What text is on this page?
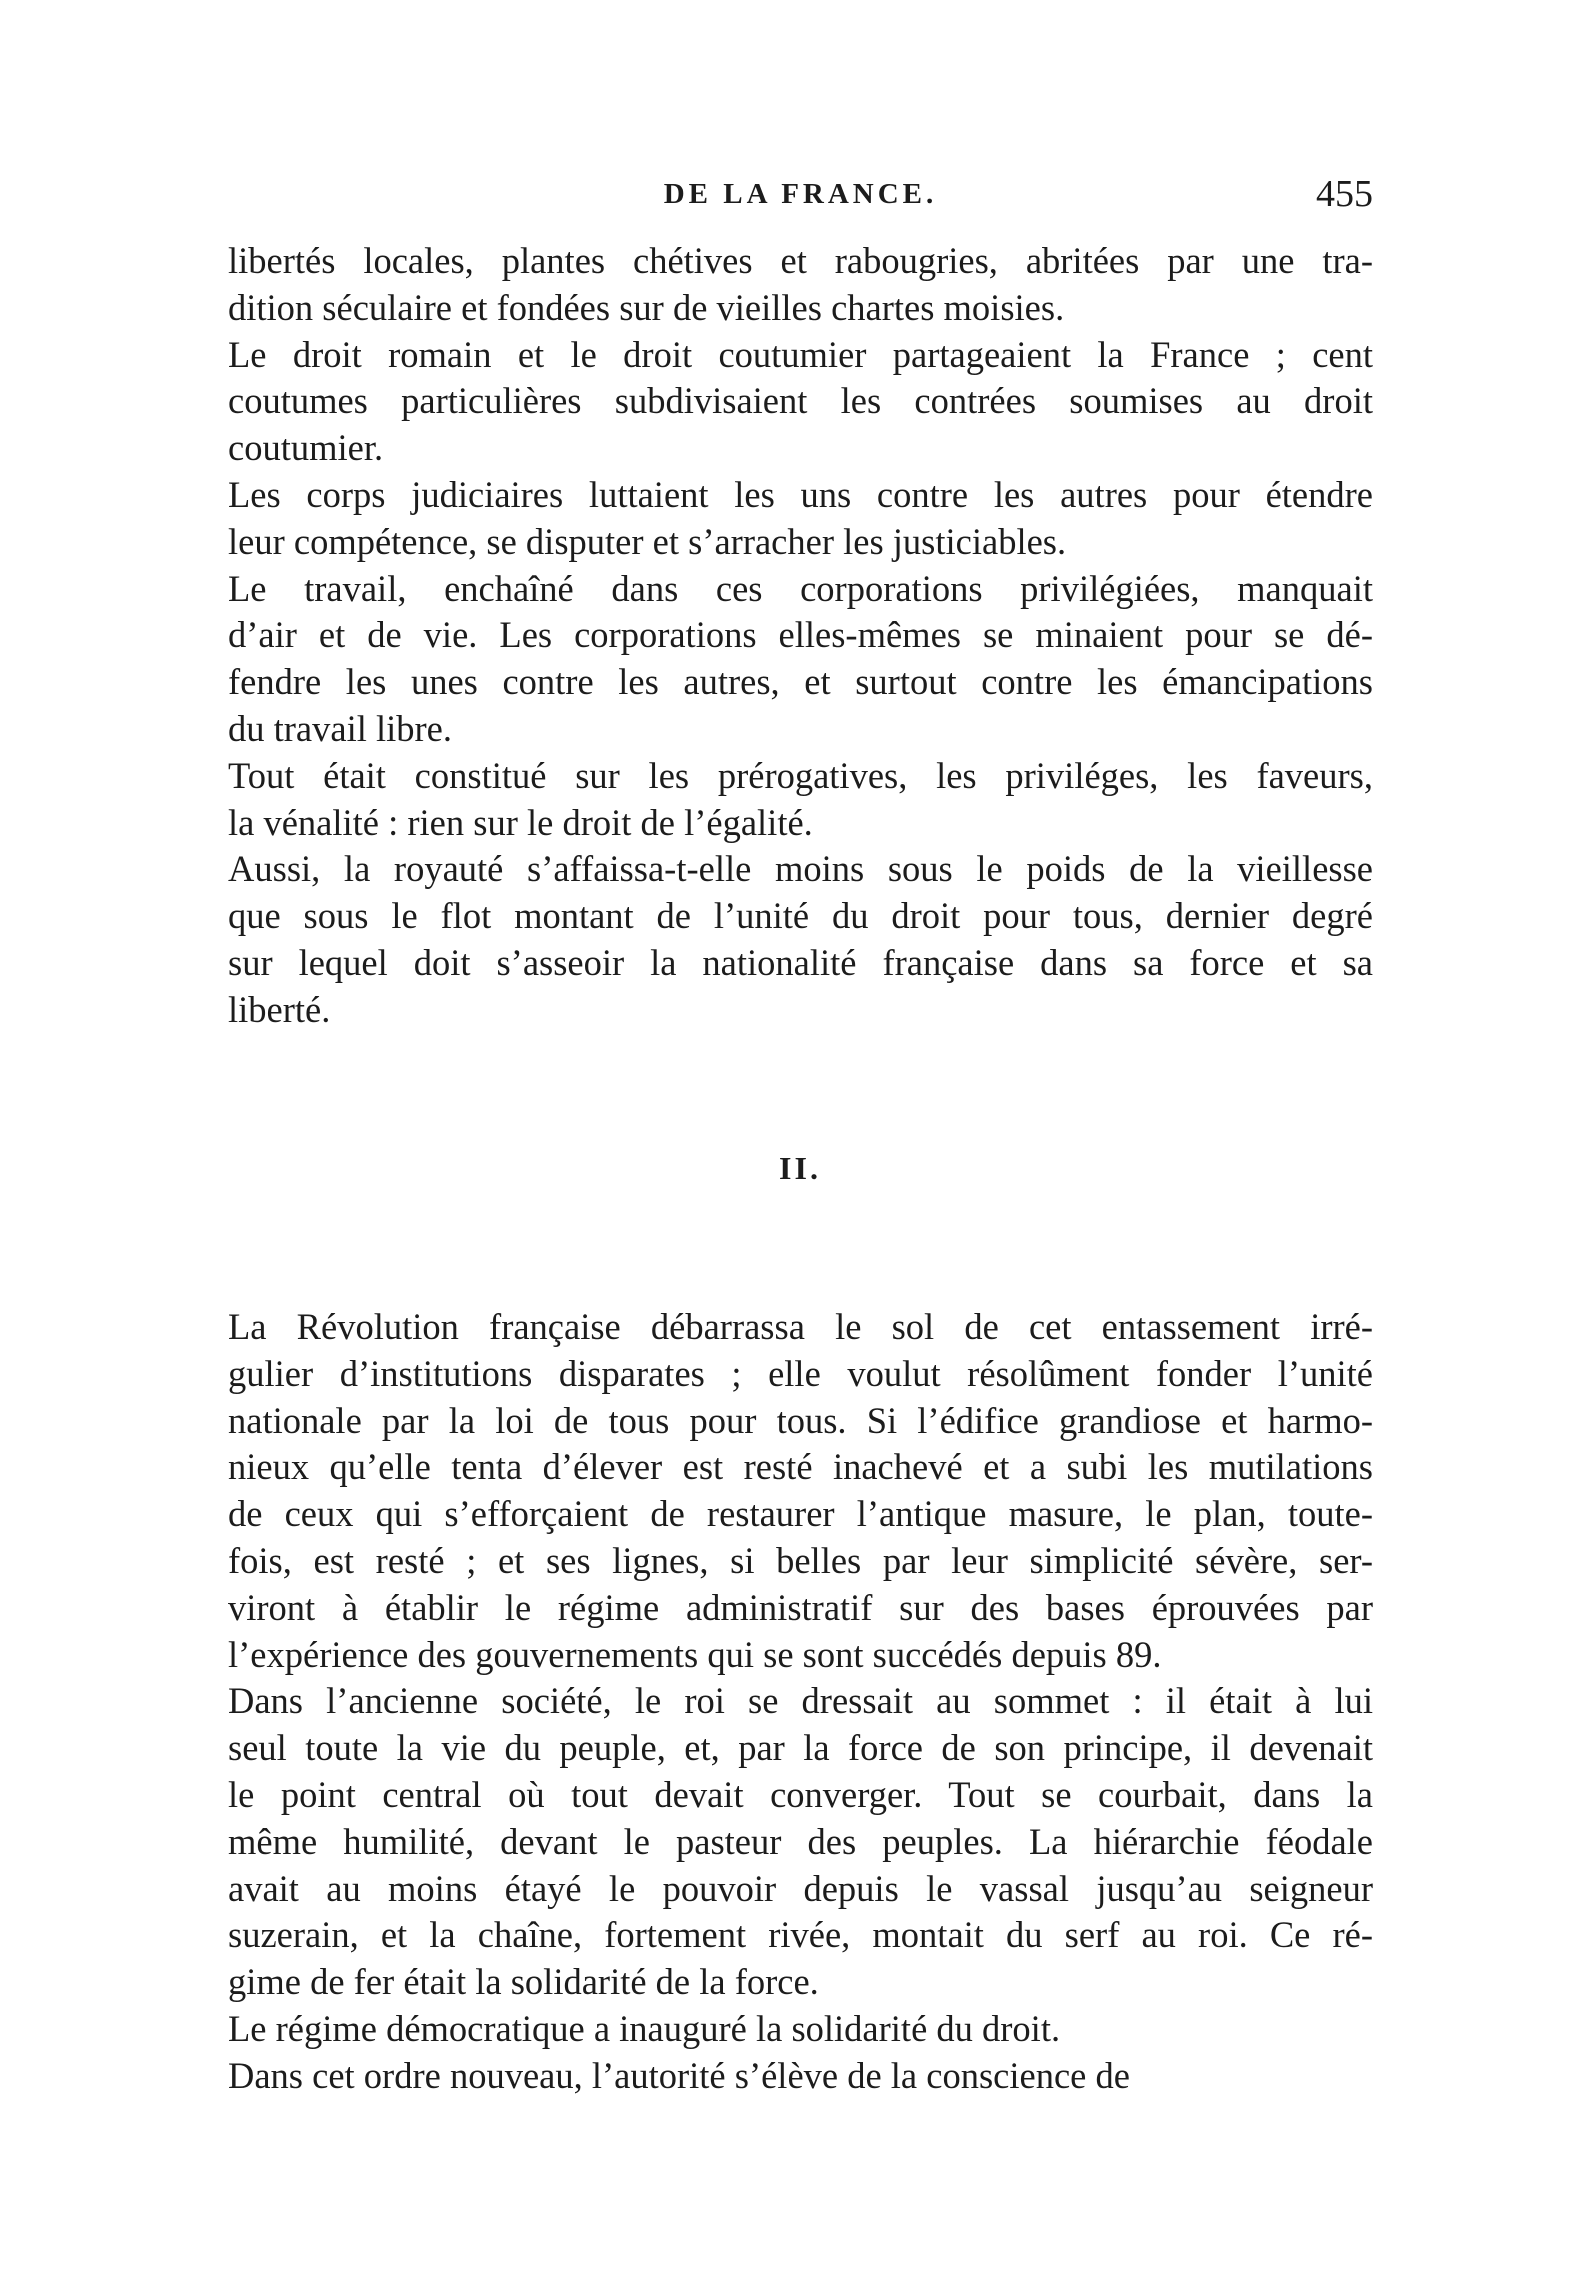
DE LA FRANCE.	455

libertés locales, plantes chétives et rabougries, abritées par une tra-
dition séculaire et fondées sur de vieilles chartes moisies.

Le droit romain et le droit coutumier partageaient la France ; cent
coutumes particulières subdivisaient les contrées soumises au droit
coutumier.

Les corps judiciaires luttaient les uns contre les autres pour étendre
leur compétence, se disputer et s’arracher les justiciables.

Le travail, enchaîné dans ces corporations privilégiées, manquait
d’air et de vie. Les corporations elles-mêmes se minaient pour se dé-
fendre les unes contre les autres, et surtout contre les émancipations
du travail libre.

Tout était constitué sur les prérogatives, les priviléges, les faveurs,
la vénalité : rien sur le droit de l’égalité.

Aussi, la royauté s’affaissa-t-elle moins sous le poids de la vieillesse
que sous le flot montant de l’unité du droit pour tous, dernier degré
sur lequel doit s’asseoir la nationalité française dans sa force et sa
liberté.

II.

La Révolution française débarrassa le sol de cet entassement irré-
gulier d’institutions disparates ; elle voulut résolûment fonder l’unité
nationale par la loi de tous pour tous. Si l’édifice grandiose et harmo-
nieux qu’elle tenta d’élever est resté inachevé et a subi les mutilations
de ceux qui s’efforçaient de restaurer l’antique masure, le plan, toute-
fois, est resté ; et ses lignes, si belles par leur simplicité sévère, ser-
viront à établir le régime administratif sur des bases éprouvées par
l’expérience des gouvernements qui se sont succédés depuis 89.

Dans l’ancienne société, le roi se dressait au sommet : il était à lui
seul toute la vie du peuple, et, par la force de son principe, il devenait
le point central où tout devait converger. Tout se courbait, dans la
même humilité, devant le pasteur des peuples. La hiérarchie féodale
avait au moins étayé le pouvoir depuis le vassal jusqu’au seigneur
suzerain, et la chaîne, fortement rivée, montait du serf au roi. Ce ré-
gime de fer était la solidarité de la force.

Le régime démocratique a inauguré la solidarité du droit.

Dans cet ordre nouveau, l’autorité s’élève de la conscience de
